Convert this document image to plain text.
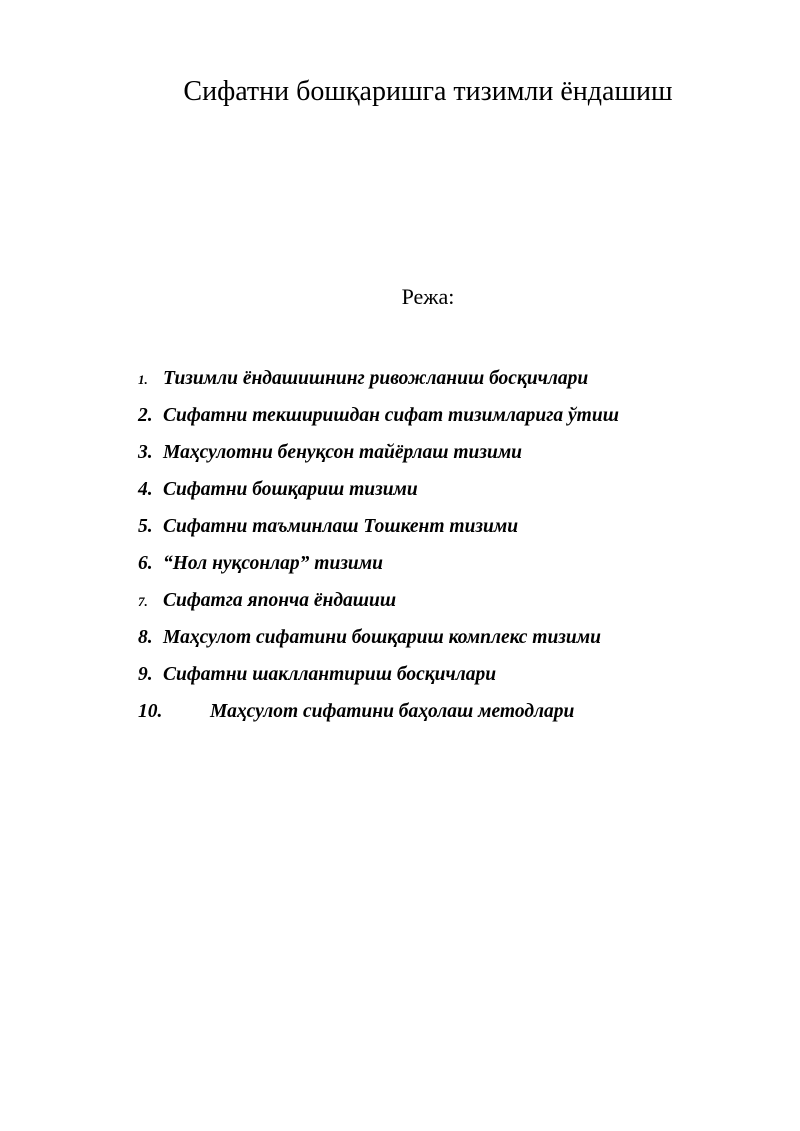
Сифатни бошқаришга тизимли ёндашиш
Режа:
1. Тизимли ёндашишнинг ривожланиш босқичлари
2. Сифатни текширишдан сифат тизимларига ўтиш
3. Маҳсулотни бенуқсон тайёрлаш тизими
4. Сифатни бошқариш тизими
5. Сифатни таъминлаш Тошкент тизими
6. “Нол нуқсонлар” тизими
7. Сифатга японча ёндашиш
8. Маҳсулот сифатини бошқариш комплекс тизими
9. Сифатни шакллантириш босқичлари
10.	Маҳсулот сифатини баҳолаш методлари
